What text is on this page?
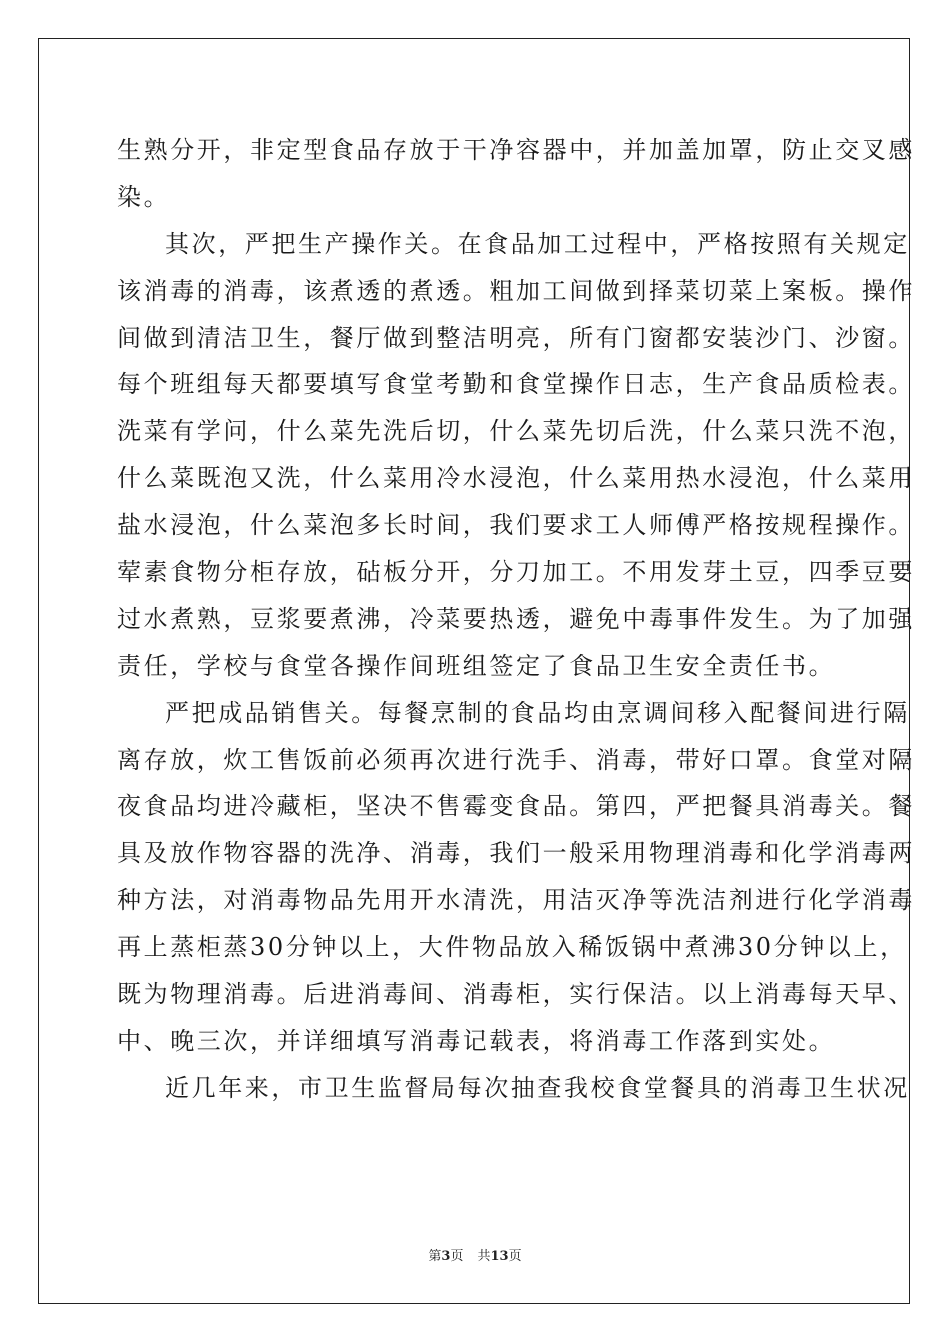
生熟分开，非定型食品存放于干净容器中，并加盖加罩，防止交叉感
染。
其次，严把生产操作关。在食品加工过程中，严格按照有关规定
该消毒的消毒，该煮透的煮透。粗加工间做到择菜切菜上案板。操作
间做到清洁卫生，餐厅做到整洁明亮，所有门窗都安装沙门、沙窗。
每个班组每天都要填写食堂考勤和食堂操作日志，生产食品质检表。
洗菜有学问，什么菜先洗后切，什么菜先切后洗，什么菜只洗不泡，
什么菜既泡又洗，什么菜用冷水浸泡，什么菜用热水浸泡，什么菜用
盐水浸泡，什么菜泡多长时间，我们要求工人师傅严格按规程操作。
荤素食物分柜存放，砧板分开，分刀加工。不用发芽土豆，四季豆要
过水煮熟，豆浆要煮沸，冷菜要热透，避免中毒事件发生。为了加强
责任，学校与食堂各操作间班组签定了食品卫生安全责任书。
严把成品销售关。每餐烹制的食品均由烹调间移入配餐间进行隔
离存放，炊工售饭前必须再次进行洗手、消毒，带好口罩。食堂对隔
夜食品均进冷藏柜，坚决不售霉变食品。第四，严把餐具消毒关。餐
具及放作物容器的洗净、消毒，我们一般采用物理消毒和化学消毒两
种方法，对消毒物品先用开水清洗，用洁灭净等洗洁剂进行化学消毒
再上蒸柜蒸30分钟以上，大件物品放入稀饭锅中煮沸30分钟以上，
既为物理消毒。后进消毒间、消毒柜，实行保洁。以上消毒每天早、
中、晚三次，并详细填写消毒记载表，将消毒工作落到实处。
近几年来，市卫生监督局每次抽查我校食堂餐具的消毒卫生状况
第3页 共13页
